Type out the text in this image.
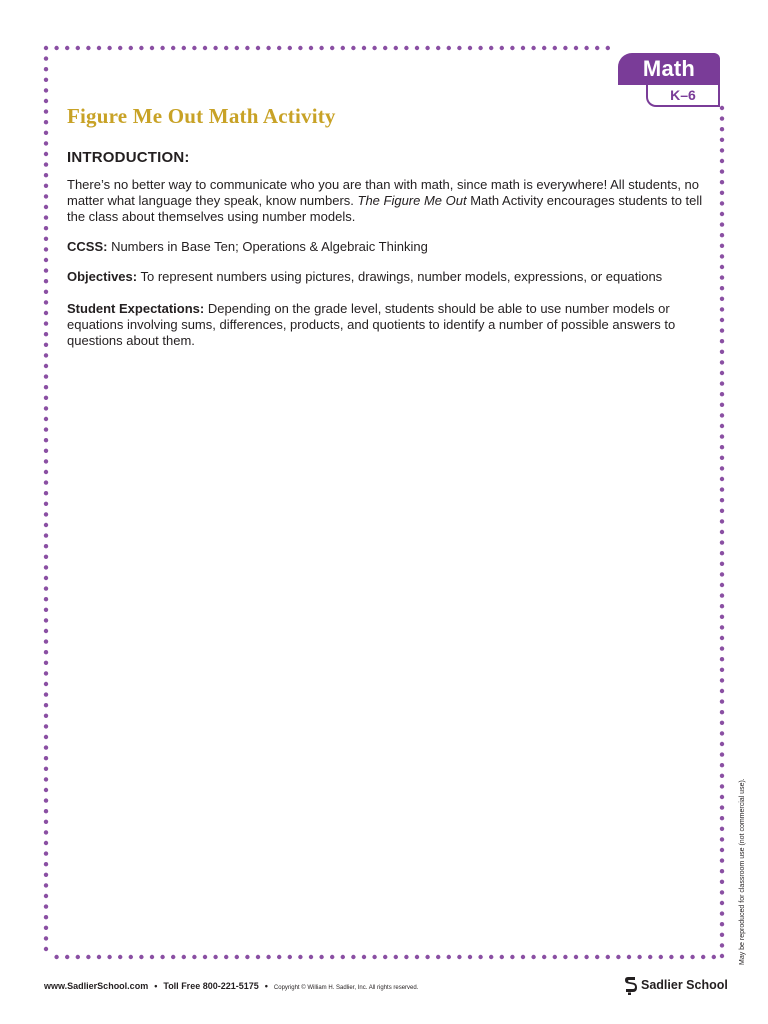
Math
K–6
Figure Me Out Math Activity
INTRODUCTION:

There’s no better way to communicate who you are than with math, since math is everywhere! All students, no matter what language they speak, know numbers. The Figure Me Out Math Activity encourages students to tell the class about themselves using number models.

CCSS: Numbers in Base Ten; Operations & Algebraic Thinking

Objectives: To represent numbers using pictures, drawings, number models, expressions, or equations

Student Expectations: Depending on the grade level, students should be able to use number models or equations involving sums, differences, products, and quotients to identify a number of possible answers to questions about them.

May be reproduced for classroom use (not commercial use).
www.SadlierSchool.com • Toll Free 800-221-5175 • Copyright © William H. Sadlier, Inc. All rights reserved.	Sadlier School
